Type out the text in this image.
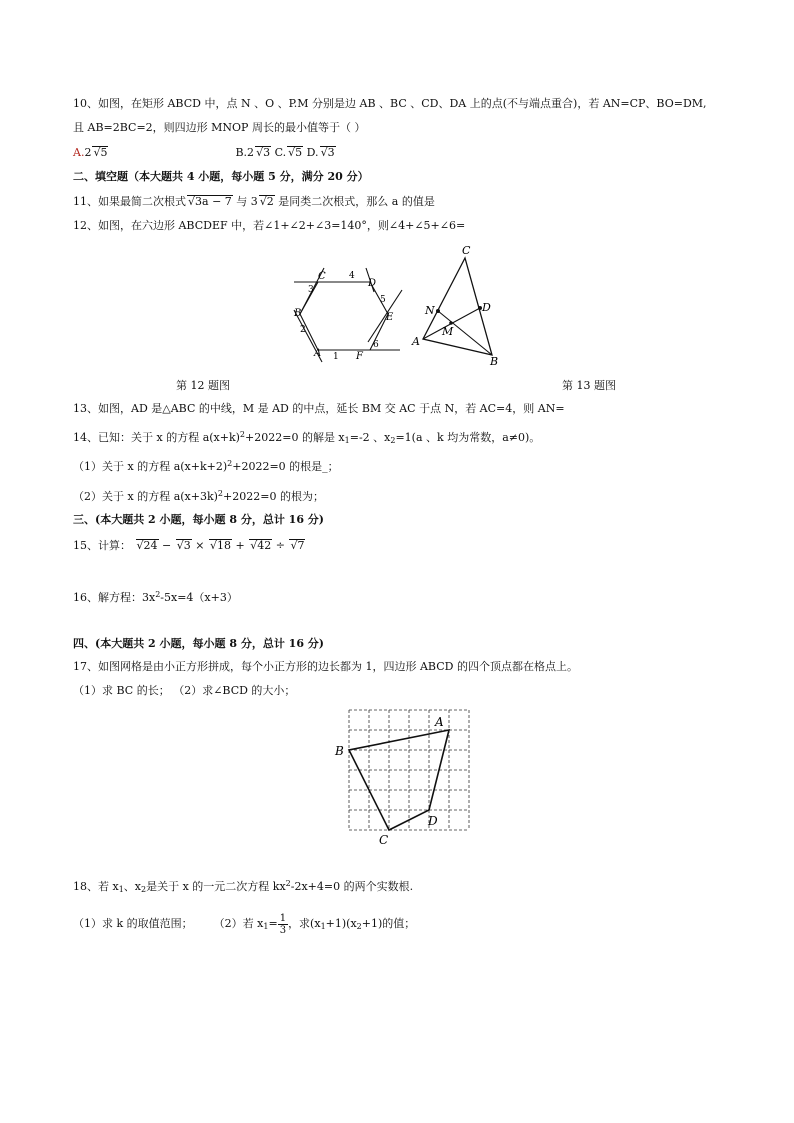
10、如图，在矩形 ABCD 中，点 N 、O 、P.M 分别是边 AB 、BC 、CD、DA 上的点(不与端点重合)，若 AN=CP、BO=DM,
且 AB=2BC=2，则四边形 MNOP 周长的最小值等于（ ）
A.2 √5	B.2 √3 C. √5 D. √3
二、填空题（本大题共 4 小题，每小题 5 分，满分 20 分）
11、如果最简二次根式 √3a − 7 与 3 √2 是同类二次根式，那么 a 的值是
12、如图，在六边形 ABCDEF 中，若∠1+∠2+∠3=140°，则∠4+∠5+∠6=
C
3
4
D
5
E
6
F
1
A
B
2
C
D
N
M
A
B
第 12 题图	第 13 题图
13、如图，AD 是△ABC 的中线，M 是 AD 的中点，延长 BM 交 AC 于点 N，若 AC=4，则 AN=
14、已知：关于 x 的方程 $a(x+k)^2+2022=0$ 的解是 $x_1=-2$ 、$x_2=1(a$ 、k 均为常数，a≠0)。
（1）关于 x 的方程 $a(x+k+2)^2+2022=0$ 的根是_；
（2）关于 x 的方程 $a(x+3k)^2+2022=0$ 的根为；
三、(本大题共 2 小题，每小题 8 分，总计 16 分)
15、计算： √24 − √3 × √18 + √42 ÷ √7
16、解方程：$3x^2-5x=4(x+3)$
四、(本大题共 2 小题，每小题 8 分，总计 16 分)
17、如图网格是由小正方形拼成，每个小正方形的边长都为 1，四边形 ABCD 的四个顶点都在格点上。
（1）求 BC 的长； （2）求∠BCD 的大小；
A
B
C
D
18、若 $x_1$、$x_2$是关于 x 的一元二次方程 $kx^2-2x+4=0$ 的两个实数根.
（1）求 k 的取值范围； （2）若 $x_1= \frac{1}{3}$ ，求$(x_1+1)(x_2+1)$的值；
